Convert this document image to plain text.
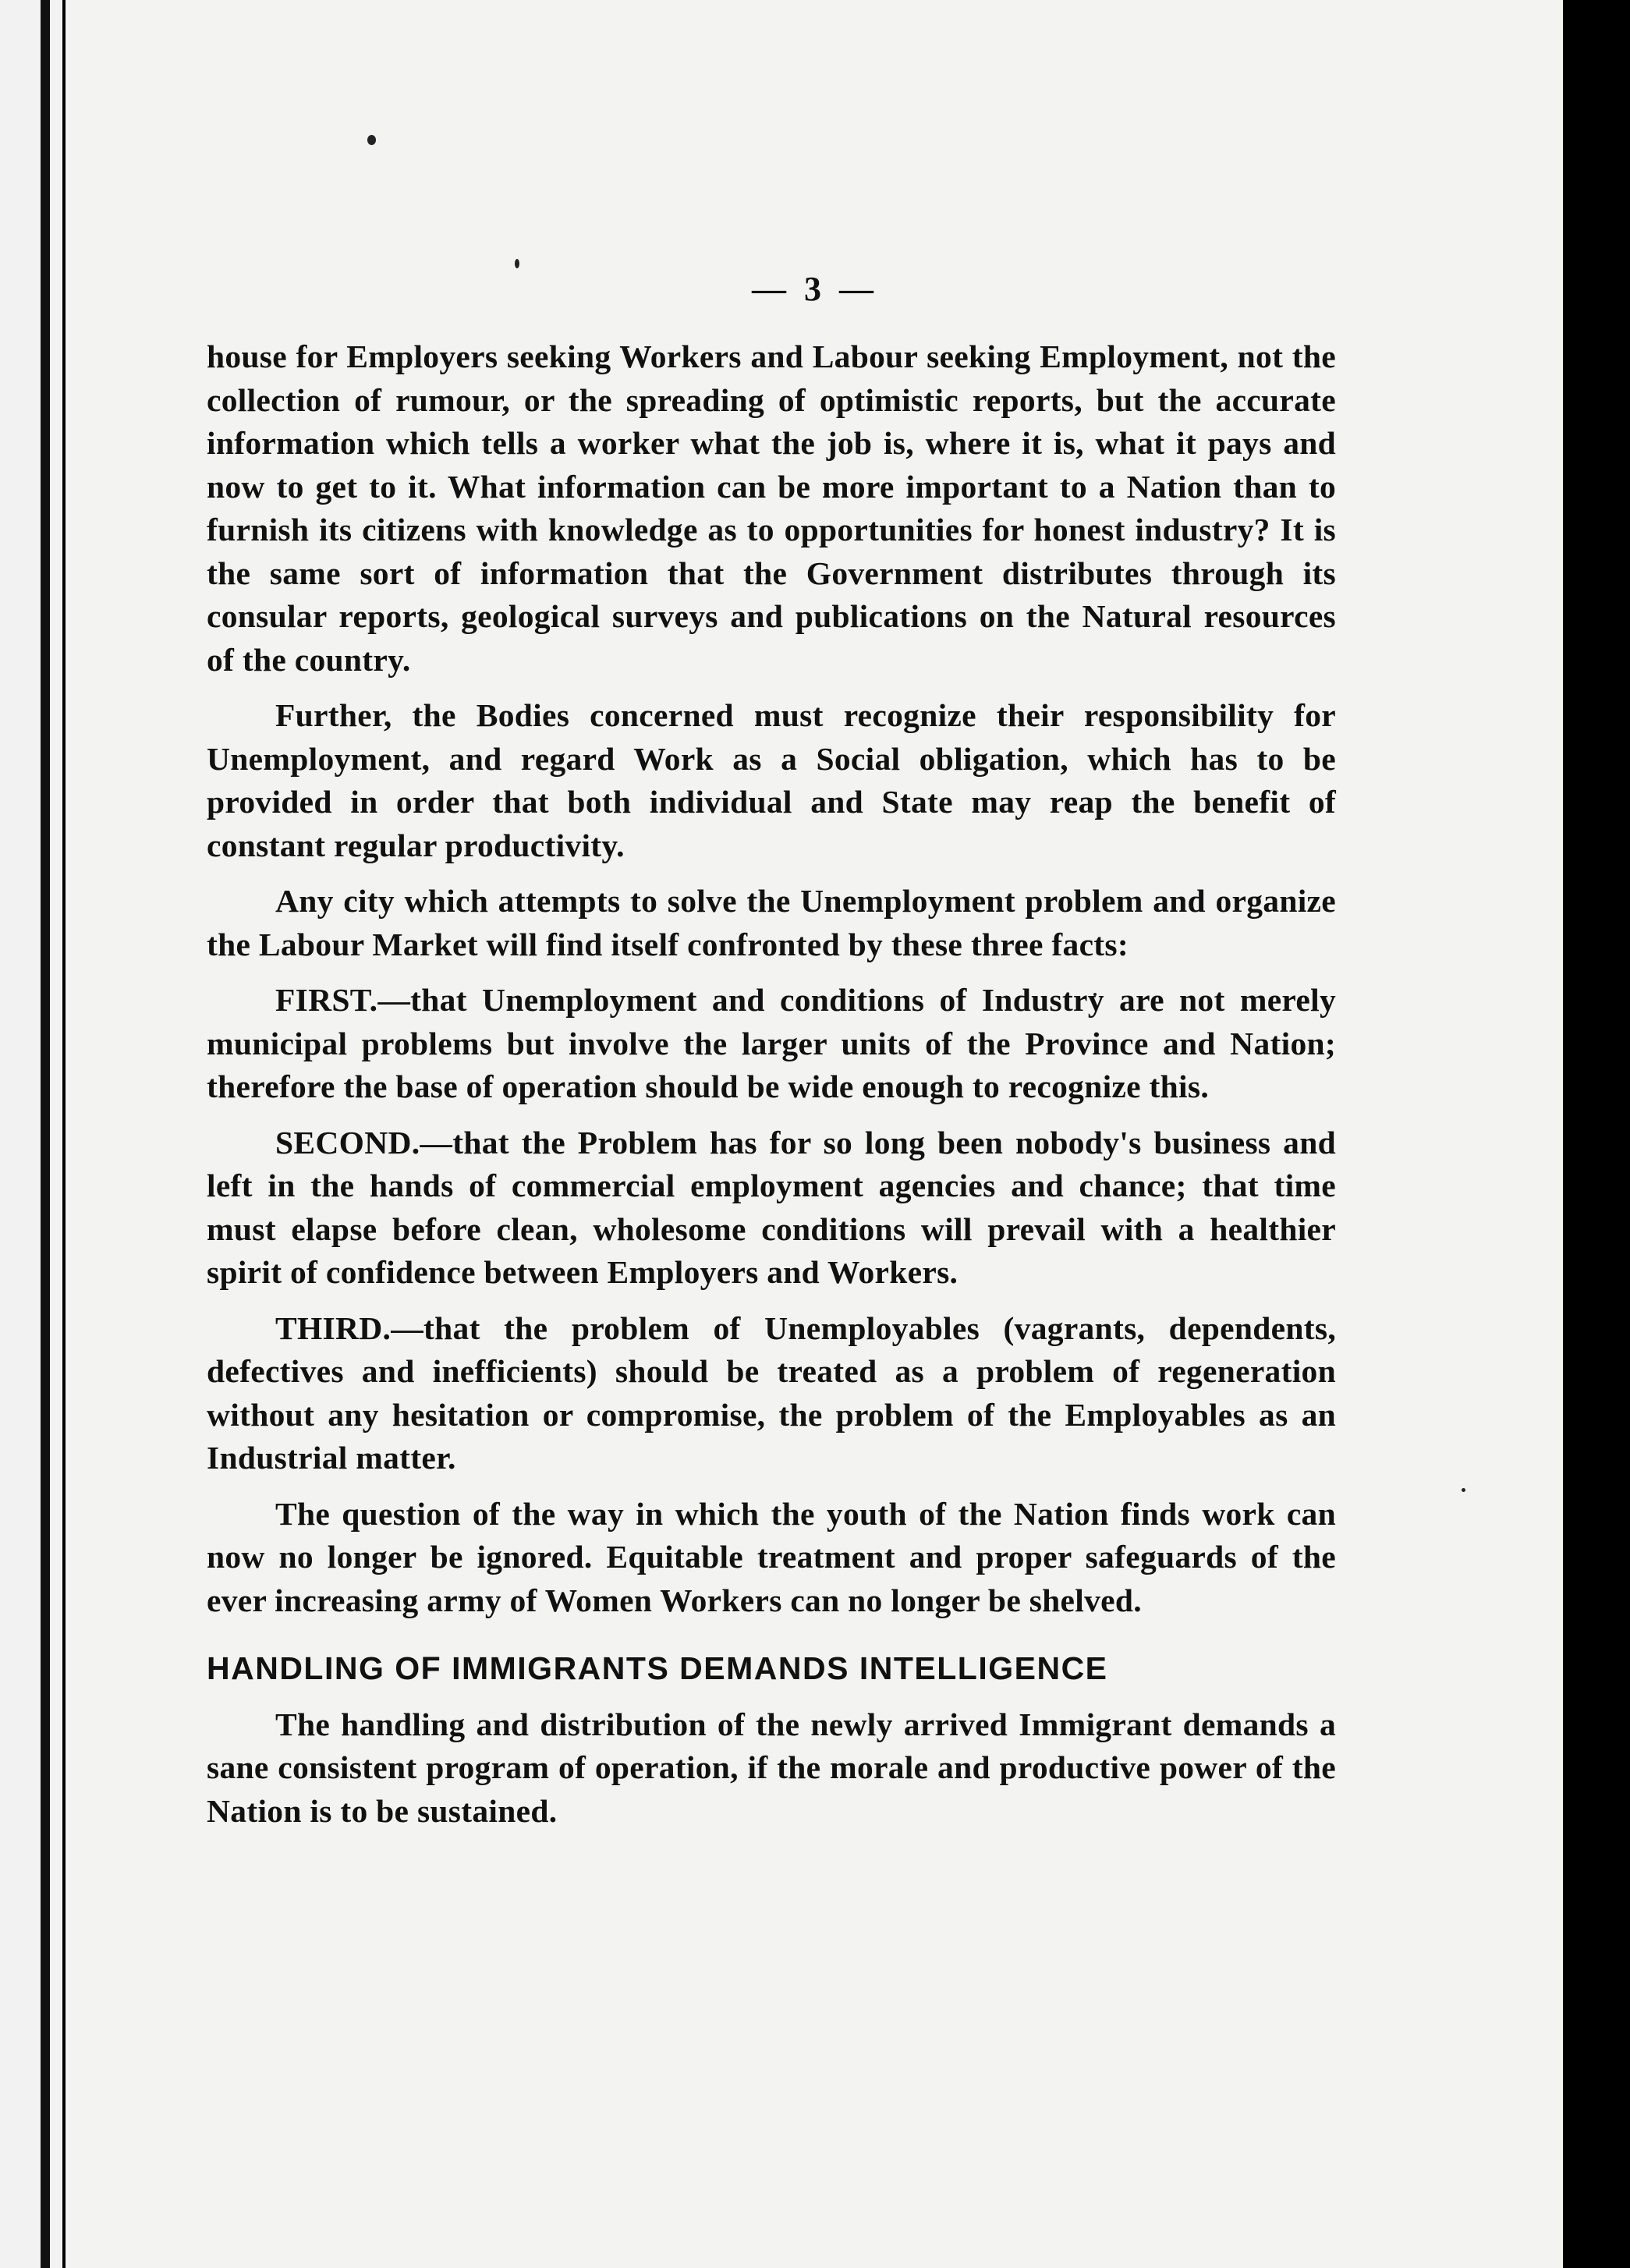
— 3 —

house for Employers seeking Workers and Labour seeking Employment, not the collection of rumour, or the spreading of optimistic reports, but the accurate information which tells a worker what the job is, where it is, what it pays and now to get to it. What information can be more important to a Nation than to furnish its citizens with knowledge as to opportunities for honest industry? It is the same sort of information that the Government distributes through its consular reports, geological surveys and publications on the Natural resources of the country.

Further, the Bodies concerned must recognize their responsibility for Unemployment, and regard Work as a Social obligation, which has to be provided in order that both individual and State may reap the benefit of constant regular productivity.

Any city which attempts to solve the Unemployment problem and organize the Labour Market will find itself confronted by these three facts:

FIRST.—that Unemployment and conditions of Industry are not merely municipal problems but involve the larger units of the Province and Nation; therefore the base of operation should be wide enough to recognize this.

SECOND.—that the Problem has for so long been nobody's business and left in the hands of commercial employment agencies and chance; that time must elapse before clean, wholesome conditions will prevail with a healthier spirit of confidence between Employers and Workers.

THIRD.—that the problem of Unemployables (vagrants, dependents, defectives and inefficients) should be treated as a problem of regeneration without any hesitation or compromise, the problem of the Employables as an Industrial matter.

The question of the way in which the youth of the Nation finds work can now no longer be ignored. Equitable treatment and proper safeguards of the ever increasing army of Women Workers can no longer be shelved.

HANDLING OF IMMIGRANTS DEMANDS INTELLIGENCE

The handling and distribution of the newly arrived Immigrant demands a sane consistent program of operation, if the morale and productive power of the Nation is to be sustained.
